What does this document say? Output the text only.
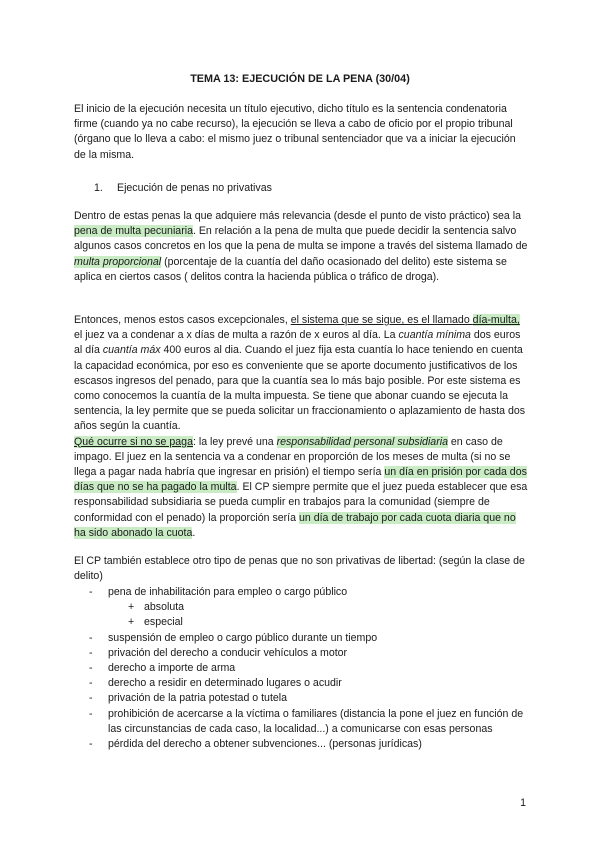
TEMA 13: EJECUCIÓN DE LA PENA (30/04)

El inicio de la ejecución necesita un título ejecutivo, dicho título es la sentencia condenatoria firme (cuando ya no cabe recurso), la ejecución se lleva a cabo de oficio por el propio tribunal (órgano que lo lleva a cabo: el mismo juez o tribunal sentenciador que va a iniciar la ejecución de la misma.

1. Ejecución de penas no privativas

Dentro de estas penas la que adquiere más relevancia (desde el punto de visto práctico) sea la pena de multa pecuniaria. En relación a la pena de multa que puede decidir la sentencia salvo algunos casos concretos en los que la pena de multa se impone a través del sistema llamado de multa proporcional (porcentaje de la cuantía del daño ocasionado del delito) este sistema se aplica en ciertos casos ( delitos contra la hacienda pública o tráfico de droga).

Entonces, menos estos casos excepcionales, el sistema que se sigue, es el llamado día-multa, el juez va a condenar a x días de multa a razón de x euros al día. La cuantía mínima dos euros al día cuantía máx 400 euros al dia. Cuando el juez fija esta cuantía lo hace teniendo en cuenta la capacidad económica, por eso es conveniente que se aporte documento justificativos de los escasos ingresos del penado, para que la cuantía sea lo más bajo posible. Por este sistema es como conocemos la cuantía de la multa impuesta. Se tiene que abonar cuando se ejecuta la sentencia, la ley permite que se pueda solicitar un fraccionamiento o aplazamiento de hasta dos años según la cuantía.
Qué ocurre si no se paga: la ley prevé una responsabilidad personal subsidiaria en caso de impago. El juez en la sentencia va a condenar en proporción de los meses de multa (si no se llega a pagar nada habría que ingresar en prisión) el tiempo sería un día en prisión por cada dos días que no se ha pagado la multa. El CP siempre permite que el juez pueda establecer que esa responsabilidad subsidiaria se pueda cumplir en trabajos para la comunidad (siempre de conformidad con el penado) la proporción sería un día de trabajo por cada cuota diaria que no ha sido abonado la cuota.

El CP también establece otro tipo de penas que no son privativas de libertad: (según la clase de delito)

- pena de inhabilitación para empleo o cargo público
+ absoluta
+ especial
- suspensión de empleo o cargo público durante un tiempo
- privación del derecho a conducir vehículos a motor
- derecho a importe de arma
- derecho a residir en determinado lugares o acudir
- privación de la patria potestad o tutela
- prohibición de acercarse a la víctima o familiares (distancia la pone el juez en función de las circunstancias de cada caso, la localidad...) a comunicarse con esas personas
- pérdida del derecho a obtener subvenciones... (personas jurídicas)
1
